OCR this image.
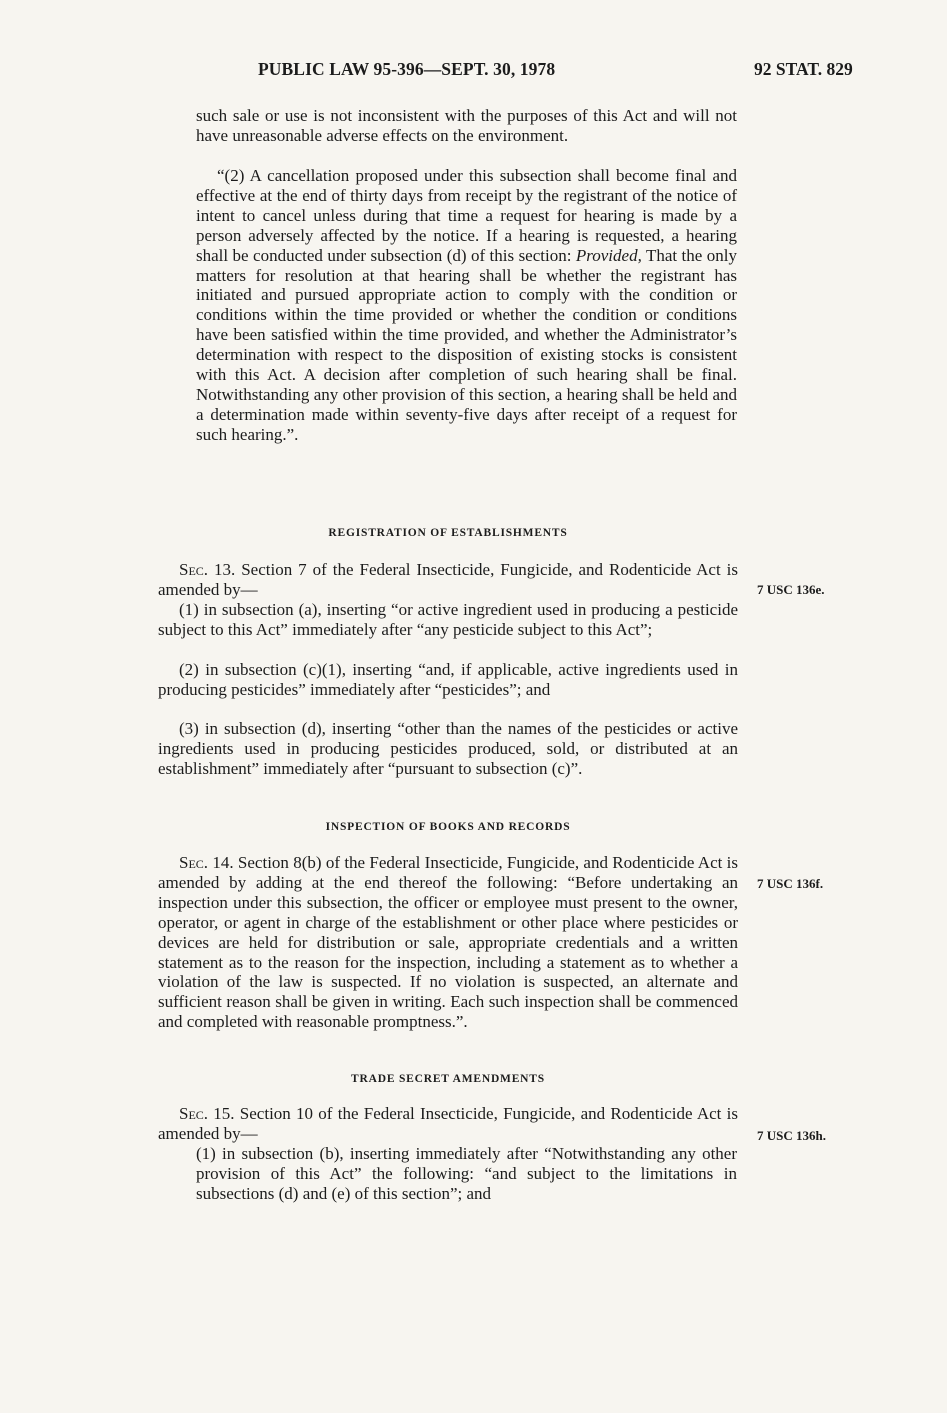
PUBLIC LAW 95-396—SEPT. 30, 1978	92 STAT. 829

such sale or use is not inconsistent with the purposes of this Act and will not have unreasonable adverse effects on the environment.

“(2) A cancellation proposed under this subsection shall become final and effective at the end of thirty days from receipt by the registrant of the notice of intent to cancel unless during that time a request for hearing is made by a person adversely affected by the notice. If a hearing is requested, a hearing shall be conducted under subsection (d) of this section: Provided, That the only matters for resolution at that hearing shall be whether the registrant has initiated and pursued appropriate action to comply with the condition or conditions within the time provided or whether the condition or conditions have been satisfied within the time provided, and whether the Administrator’s determination with respect to the disposition of existing stocks is consistent with this Act. A decision after completion of such hearing shall be final. Notwithstanding any other provision of this section, a hearing shall be held and a determination made within seventy-five days after receipt of a request for such hearing.”.

REGISTRATION OF ESTABLISHMENTS

Sec. 13. Section 7 of the Federal Insecticide, Fungicide, and Rodenticide Act is amended by—	7 USC 136e.

(1) in subsection (a), inserting “or active ingredient used in producing a pesticide subject to this Act” immediately after “any pesticide subject to this Act”;

(2) in subsection (c)(1), inserting “and, if applicable, active ingredients used in producing pesticides” immediately after “pesticides”; and

(3) in subsection (d), inserting “other than the names of the pesticides or active ingredients used in producing pesticides produced, sold, or distributed at an establishment” immediately after “pursuant to subsection (c)”.

INSPECTION OF BOOKS AND RECORDS

Sec. 14. Section 8(b) of the Federal Insecticide, Fungicide, and Rodenticide Act is amended by adding at the end thereof the following: “Before undertaking an inspection under this subsection, the officer or employee must present to the owner, operator, or agent in charge of the establishment or other place where pesticides or devices are held for distribution or sale, appropriate credentials and a written statement as to the reason for the inspection, including a statement as to whether a violation of the law is suspected. If no violation is suspected, an alternate and sufficient reason shall be given in writing. Each such inspection shall be commenced and completed with reasonable promptness.”.

7 USC 136f.
TRADE SECRET AMENDMENTS

Sec. 15. Section 10 of the Federal Insecticide, Fungicide, and Rodenticide Act is amended by—	7 USC 136h.

(1) in subsection (b), inserting immediately after “Notwithstanding any other provision of this Act” the following: “and subject to the limitations in subsections (d) and (e) of this section”; and
